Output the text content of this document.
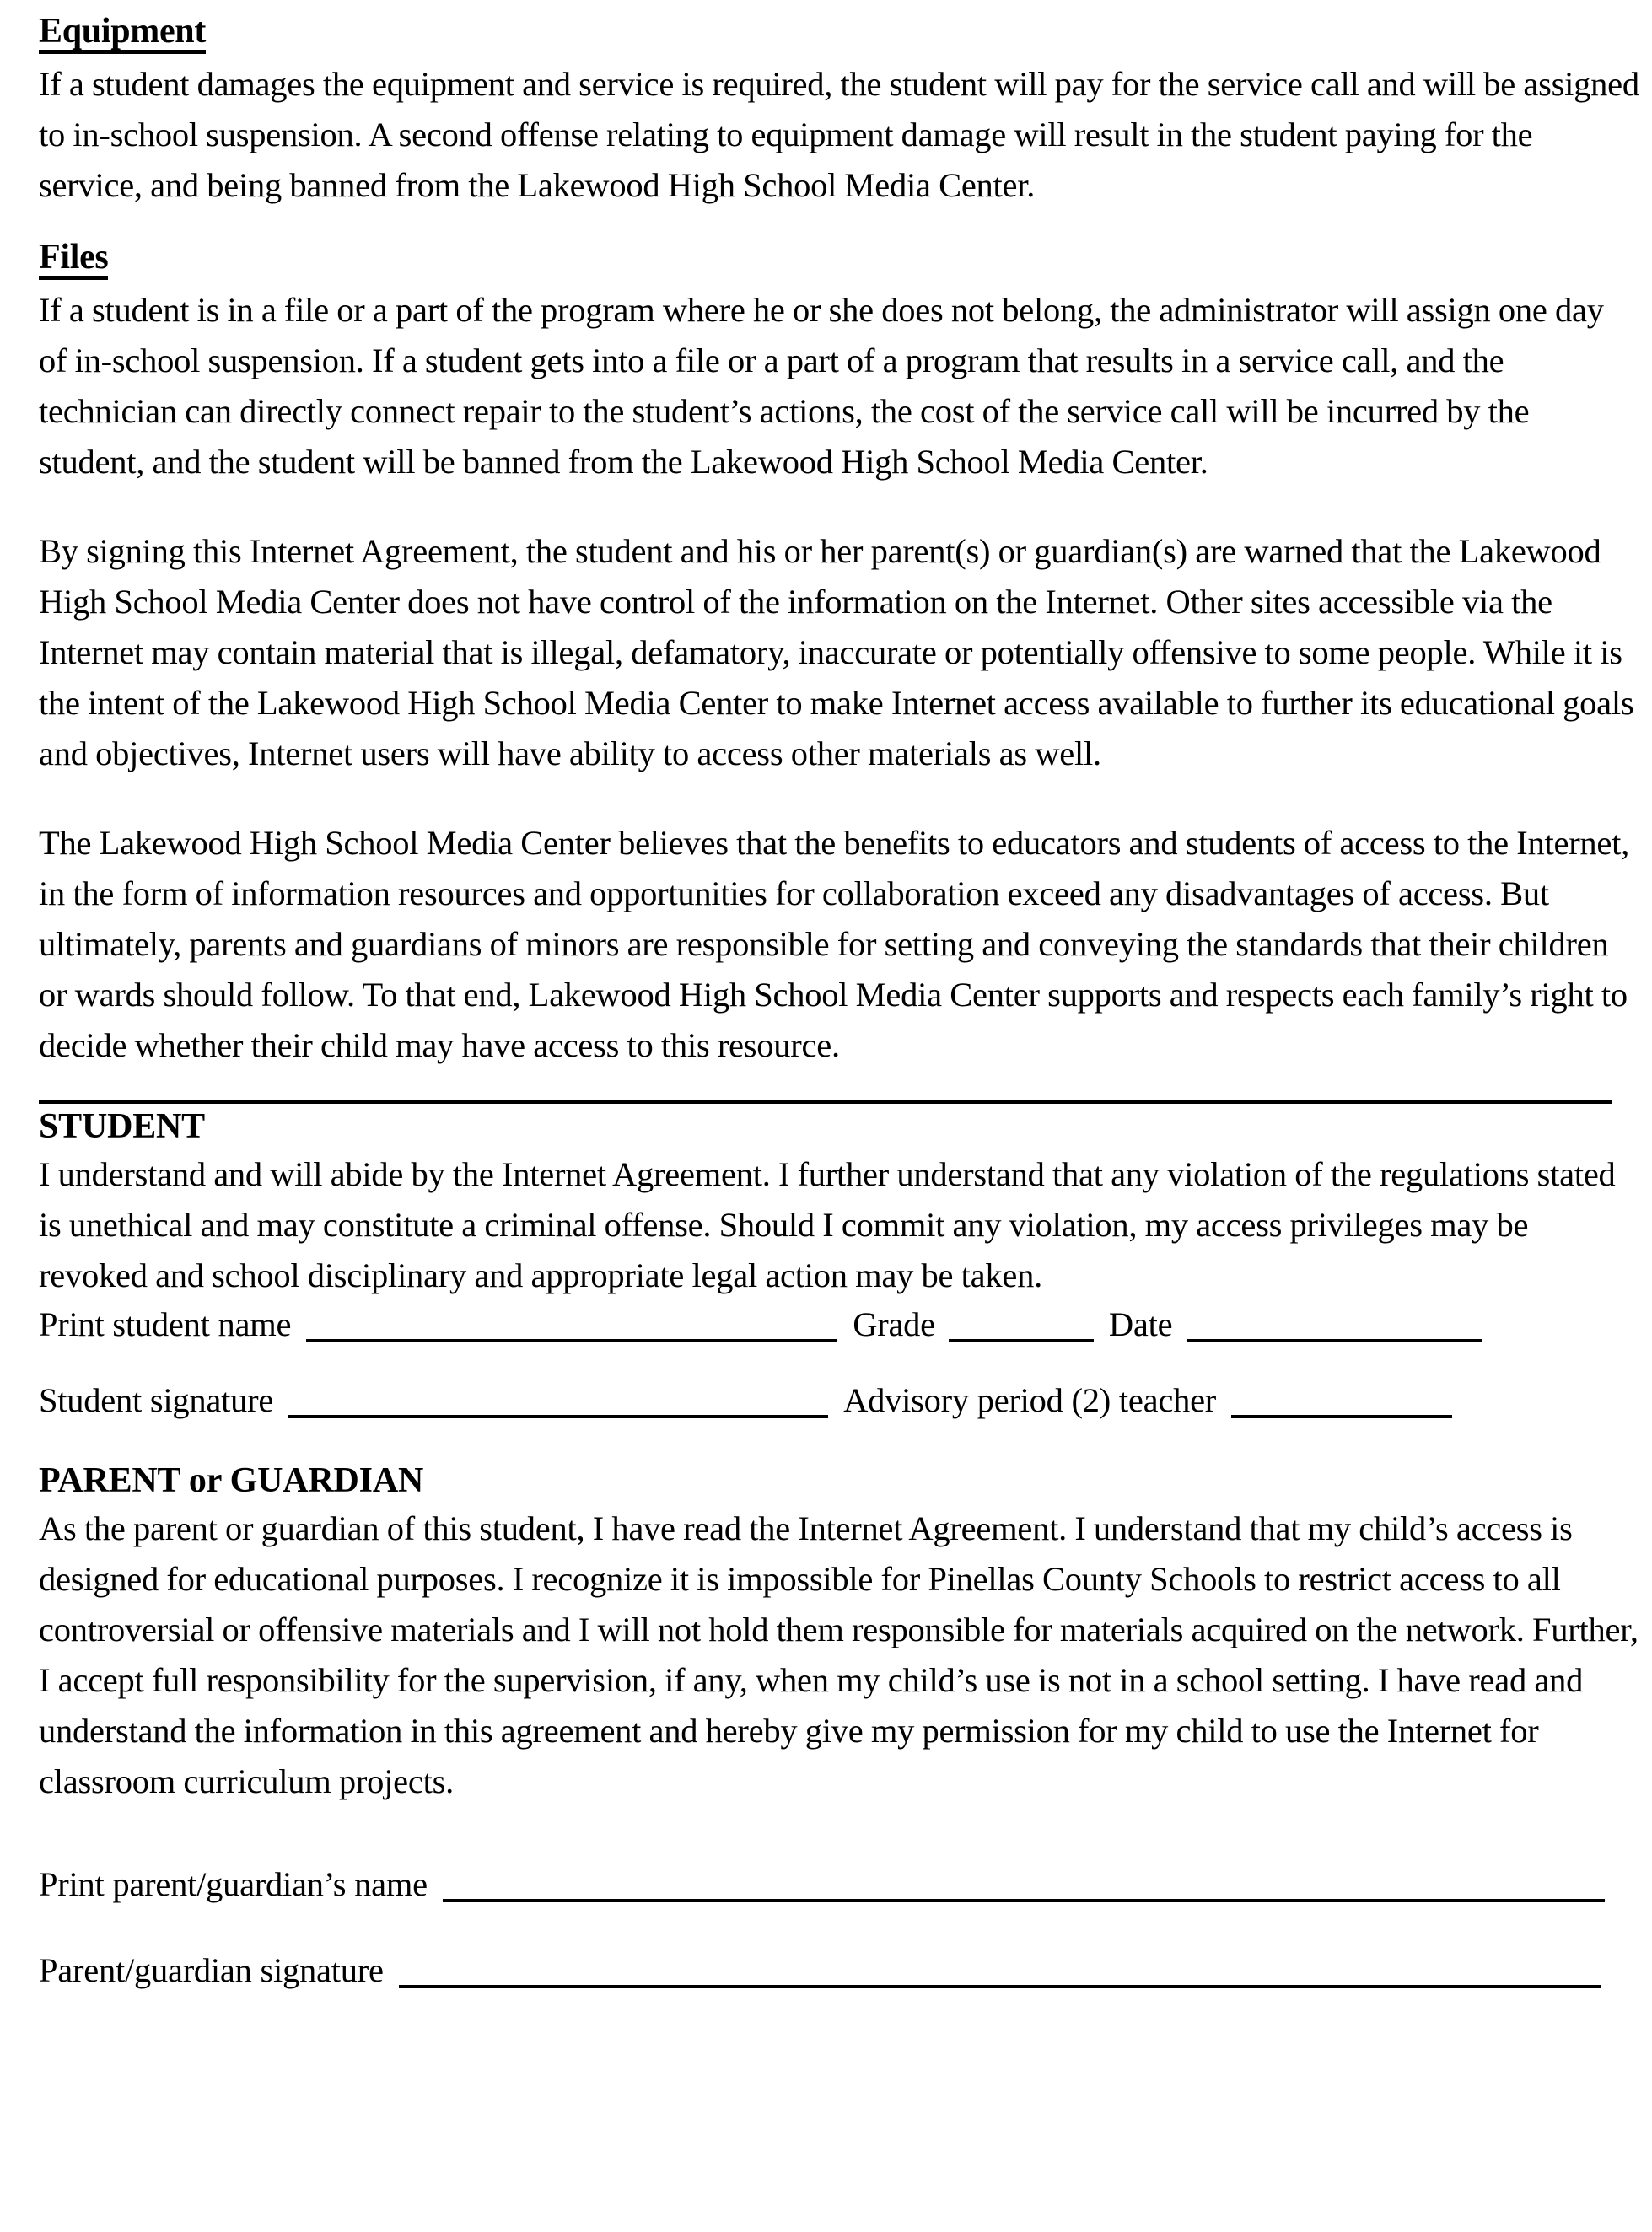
Equipment

If a student damages the equipment and service is required, the student will pay for the service call and will be assigned to in-school suspension. A second offense relating to equipment damage will result in the student paying for the service, and being banned from the Lakewood High School Media Center.

Files

If a student is in a file or a part of the program where he or she does not belong, the administrator will assign one day of in-school suspension. If a student gets into a file or a part of a program that results in a service call, and the technician can directly connect repair to the student’s actions, the cost of the service call will be incurred by the student, and the student will be banned from the Lakewood High School Media Center.

By signing this Internet Agreement, the student and his or her parent(s) or guardian(s) are warned that the Lakewood High School Media Center does not have control of the information on the Internet. Other sites accessible via the Internet may contain material that is illegal, defamatory, inaccurate or potentially offensive to some people. While it is the intent of the Lakewood High School Media Center to make Internet access available to further its educational goals and objectives, Internet users will have ability to access other materials as well.

The Lakewood High School Media Center believes that the benefits to educators and students of access to the Internet, in the form of information resources and opportunities for collaboration exceed any disadvantages of access. But ultimately, parents and guardians of minors are responsible for setting and conveying the standards that their children or wards should follow. To that end, Lakewood High School Media Center supports and respects each family’s right to decide whether their child may have access to this resource.

STUDENT

I understand and will abide by the Internet Agreement. I further understand that any violation of the regulations stated is unethical and may constitute a criminal offense. Should I commit any violation, my access privileges may be revoked and school disciplinary and appropriate legal action may be taken.

Print student name	Grade	Date
Student signature	Advisory period (2) teacher
PARENT or GUARDIAN

As the parent or guardian of this student, I have read the Internet Agreement. I understand that my child’s access is designed for educational purposes. I recognize it is impossible for Pinellas County Schools to restrict access to all controversial or offensive materials and I will not hold them responsible for materials acquired on the network. Further, I accept full responsibility for the supervision, if any, when my child’s use is not in a school setting. I have read and understand the information in this agreement and hereby give my permission for my child to use the Internet for classroom curriculum projects.

Print parent/guardian’s name
Parent/guardian signature
